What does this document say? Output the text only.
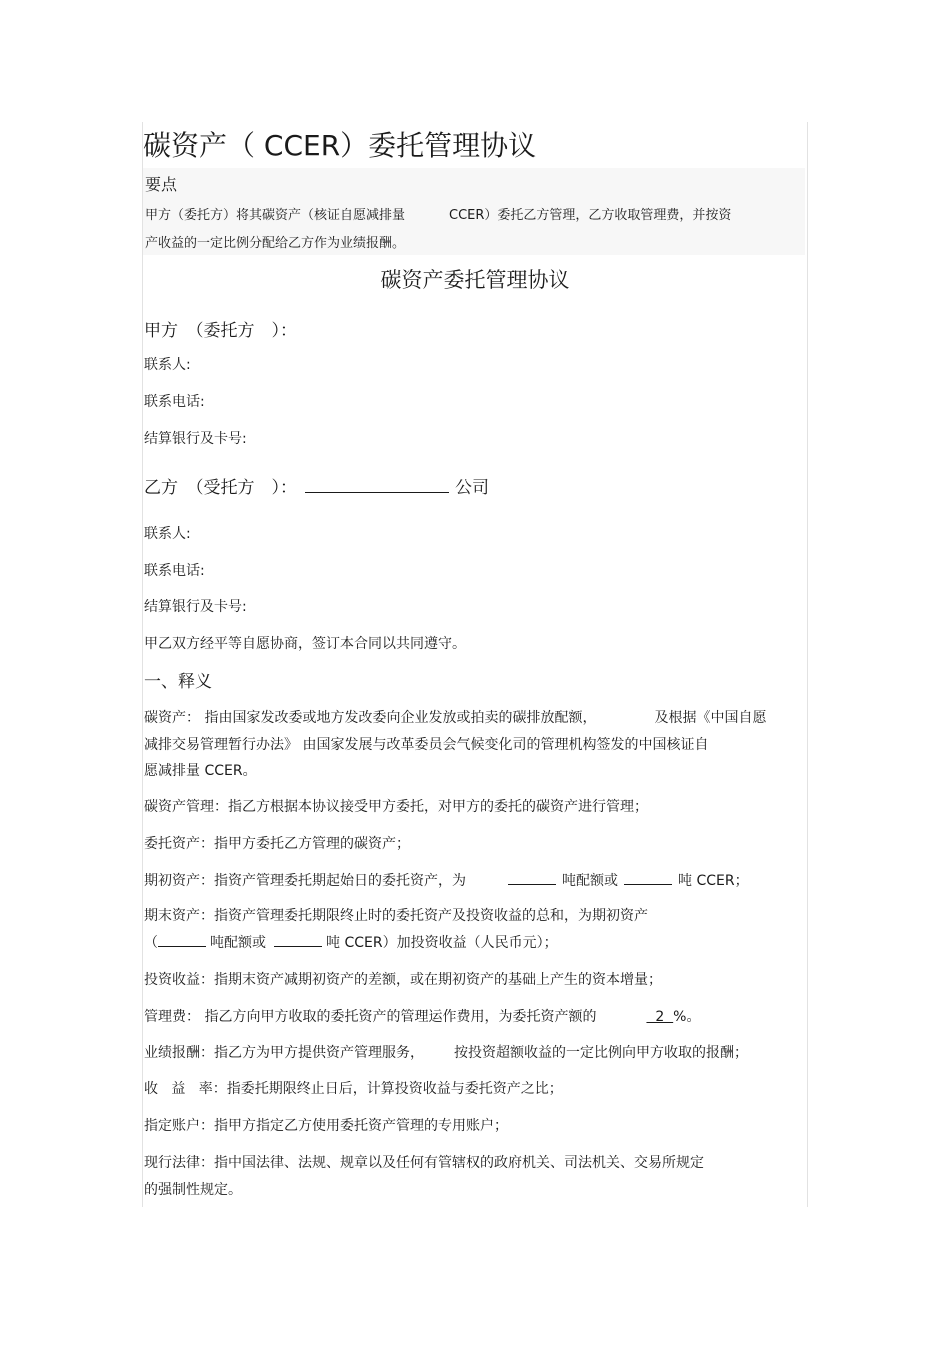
碳资产（ CCER）委托管理协议
要点
甲方（委托方）将其碳资产（核证自愿减排量	CCER）委托乙方管理，乙方收取管理费，并按资
产收益的一定比例分配给乙方作为业绩报酬。
碳资产委托管理协议
甲方　（委托方　）：
联系人:
联系电话:
结算银行及卡号:
乙方　（受托方　）：	公司
联系人:
联系电话:
结算银行及卡号:
甲乙双方经平等自愿协商，签订本合同以共同遵守。
一、释义
碳资产： 指由国家发改委或地方发改委向企业发放或拍卖的碳排放配额，	及根据《中国自愿
减排交易管理暂行办法》 由国家发展与改革委员会气候变化司的管理机构签发的中国核证自
愿减排量 CCER。
碳资产管理：指乙方根据本协议接受甲方委托，对甲方的委托的碳资产进行管理；
委托资产：指甲方委托乙方管理的碳资产；
期初资产：指资产管理委托期起始日的委托资产，为	吨配额或	吨 CCER；
期末资产：指资产管理委托期限终止时的委托资产及投资收益的总和，为期初资产
（	吨配额或	吨 CCER）加投资收益（人民币元）；
投资收益：指期末资产减期初资产的差额，或在期初资产的基础上产生的资本增量；
管理费： 指乙方向甲方收取的委托资产的管理运作费用，为委托资产额的	2  %。
业绩报酬：指乙方为甲方提供资产管理服务， 按投资超额收益的一定比例向甲方收取的报酬；
收   益   率：指委托期限终止日后，计算投资收益与委托资产之比；
指定账户：指甲方指定乙方使用委托资产管理的专用账户；
现行法律：指中国法律、法规、规章以及任何有管辖权的政府机关、司法机关、交易所规定
的强制性规定。
